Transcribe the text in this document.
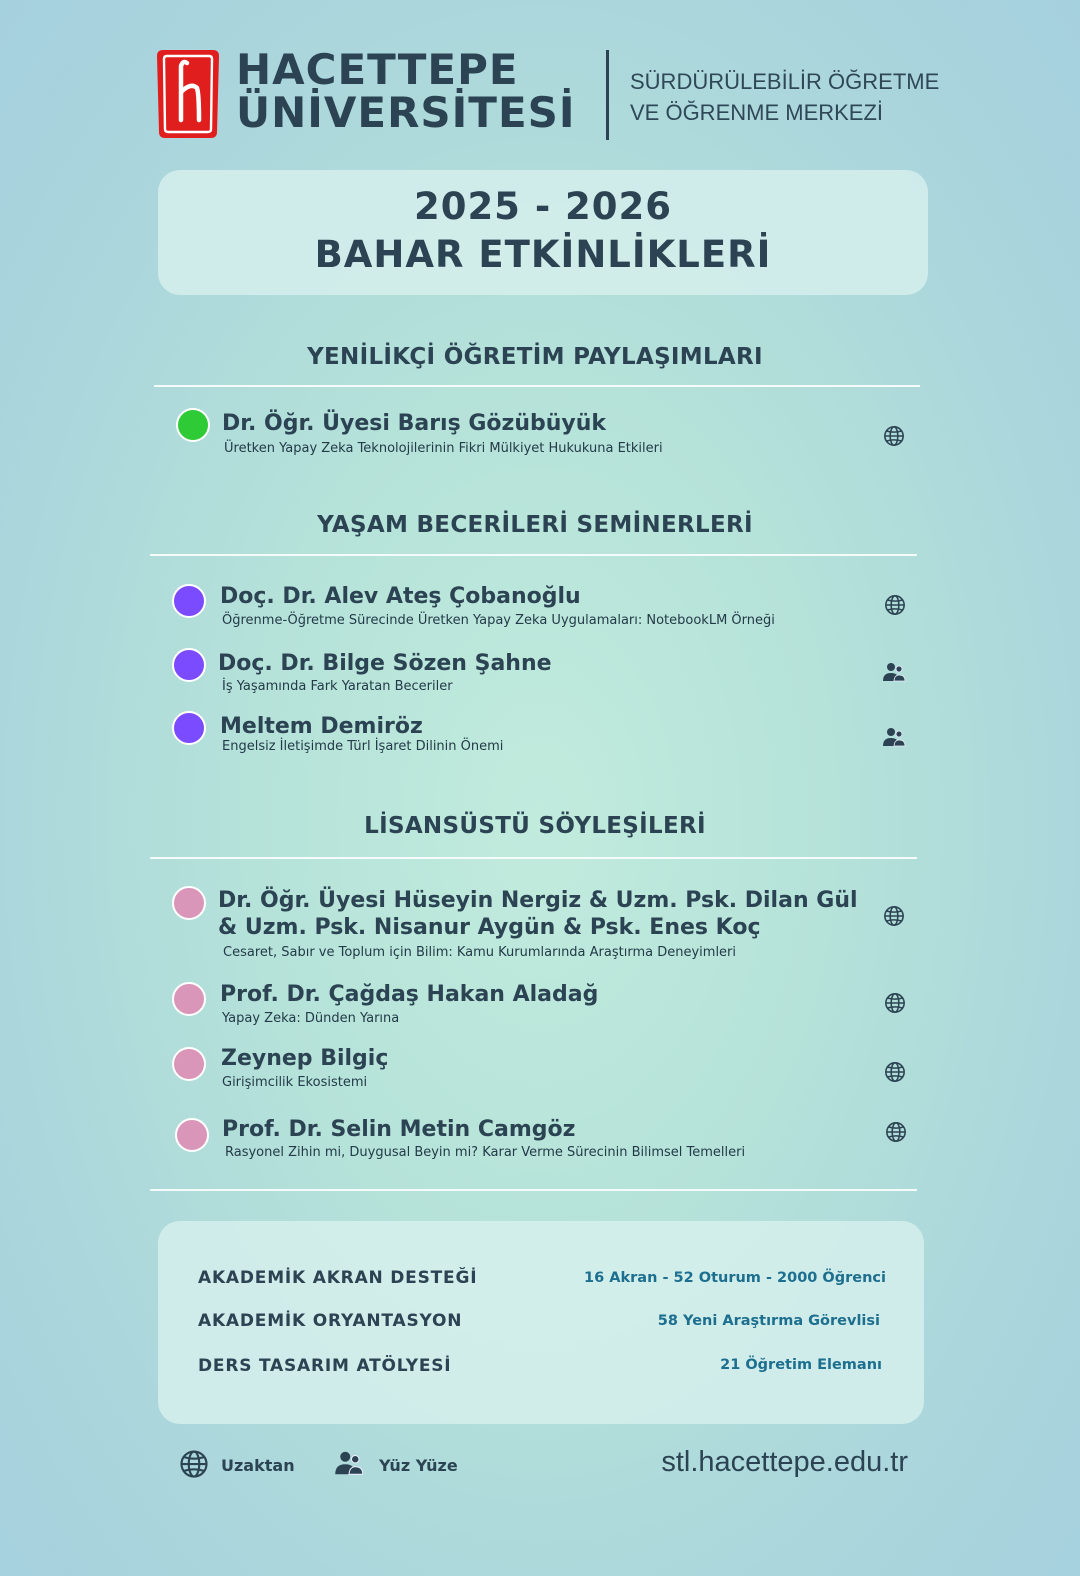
HACETTEPE
ÜNİVERSİTESİ
SÜRDÜRÜLEBİLİR ÖĞRETME
VE ÖĞRENME MERKEZİ
2025 - 2026
BAHAR ETKİNLİKLERİ
YENİLİKÇİ ÖĞRETİM PAYLAŞIMLARI
Dr. Öğr. Üyesi Barış Gözübüyük
Üretken Yapay Zeka Teknolojilerinin Fikri Mülkiyet Hukukuna Etkileri
YAŞAM BECERİLERİ SEMİNERLERİ
Doç. Dr. Alev Ateş Çobanoğlu
Öğrenme-Öğretme Sürecinde Üretken Yapay Zeka Uygulamaları: NotebookLM Örneği
Doç. Dr. Bilge Sözen Şahne
İş Yaşamında Fark Yaratan Beceriler
Meltem Demiröz
Engelsiz İletişimde Türl İşaret Dilinin Önemi
LİSANSÜSTÜ SÖYLEŞİLERİ
Dr. Öğr. Üyesi Hüseyin Nergiz & Uzm. Psk. Dilan Gül & Uzm. Psk. Nisanur Aygün & Psk. Enes Koç
Cesaret, Sabır ve Toplum için Bilim: Kamu Kurumlarında Araştırma Deneyimleri
Prof. Dr. Çağdaş Hakan Aladağ
Yapay Zeka: Dünden Yarına
Zeynep Bilgiç
Girişimcilik Ekosistemi
Prof. Dr. Selin Metin Camgöz
Rasyonel Zihin mi, Duygusal Beyin mi? Karar Verme Sürecinin Bilimsel Temelleri
AKADEMİK AKRAN DESTEĞİ	16 Akran - 52 Oturum - 2000 Öğrenci
AKADEMİK ORYANTASYON	58 Yeni Araştırma Görevlisi
DERS TASARIM ATÖLYESİ	21 Öğretim Elemanı
Uzaktan	Yüz Yüze	stl.hacettepe.edu.tr
